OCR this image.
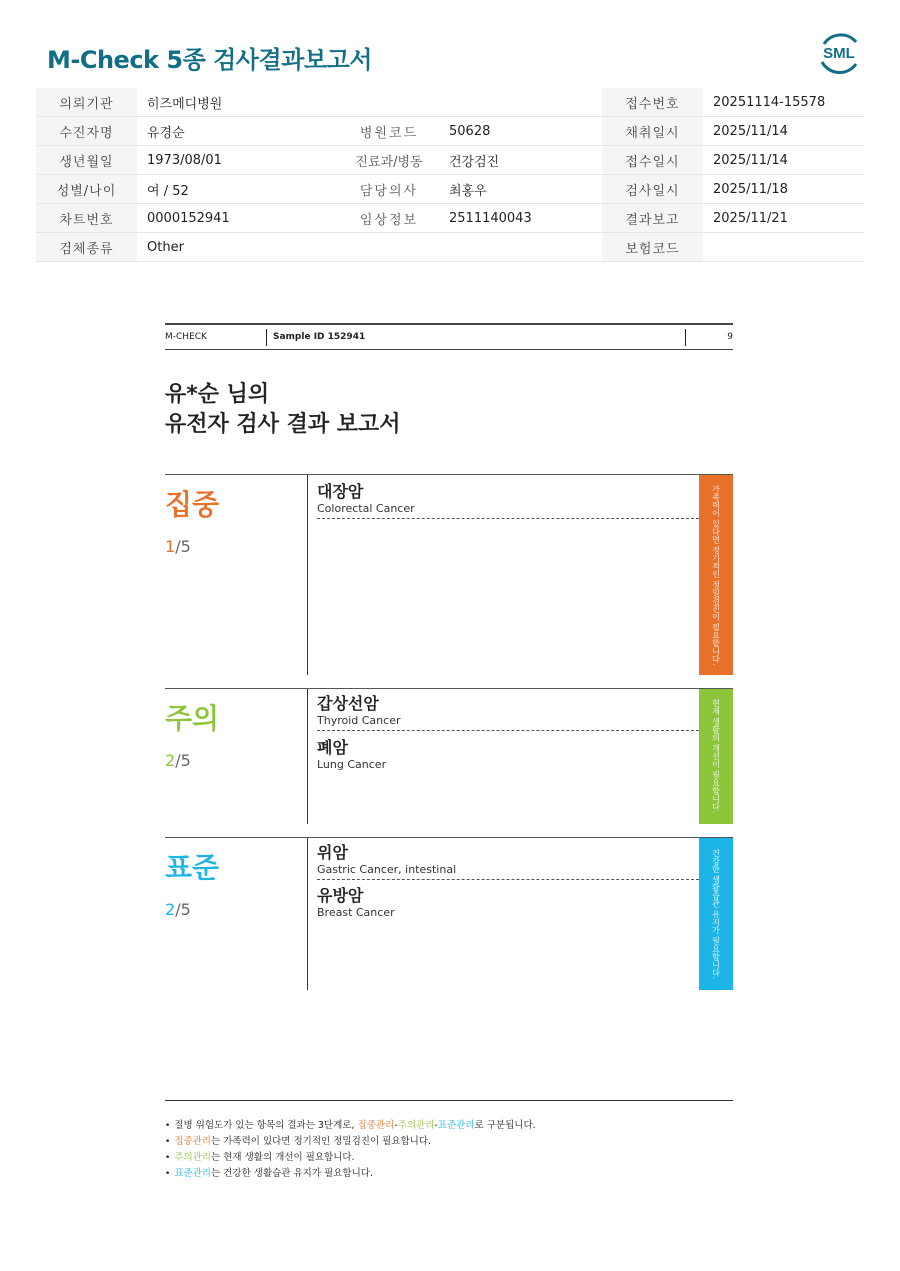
M-Check 5종 검사결과보고서	SML
의뢰기관	히즈메디병원			접수번호	20251114-15578
수진자명	유경순	병원코드	50628	채취일시	2025/11/14
생년월일	1973/08/01	진료과/병동	건강검진	접수일시	2025/11/14
성별/나이	여 / 52	담당의사	최홍우	검사일시	2025/11/18
차트번호	0000152941	임상정보	2511140043	결과보고	2025/11/21
검체종류	Other			보험코드	
M-CHECK	Sample ID 152941	9
유*순 님의
유전자 검사 결과 보고서
집중
1/5
대장암
Colorectal Cancer	가족력이 있다면 정기적인 정밀검진이 필요합니다.
주의
2/5
갑상선암
Thyroid Cancer
폐암
Lung Cancer	현재 생활의 개선이 필요합니다.
표준
2/5
위암
Gastric Cancer, intestinal
유방암
Breast Cancer	건강한 생활습관 유지가 필요합니다.
• 질병 위험도가 있는 항목의 결과는 3단계로, 집중관리-주의관리-표준관리로 구분됩니다.
• 집중관리는 가족력이 있다면 정기적인 정밀검진이 필요합니다.
• 주의관리는 현재 생활의 개선이 필요합니다.
• 표준관리는 건강한 생활습관 유지가 필요합니다.
